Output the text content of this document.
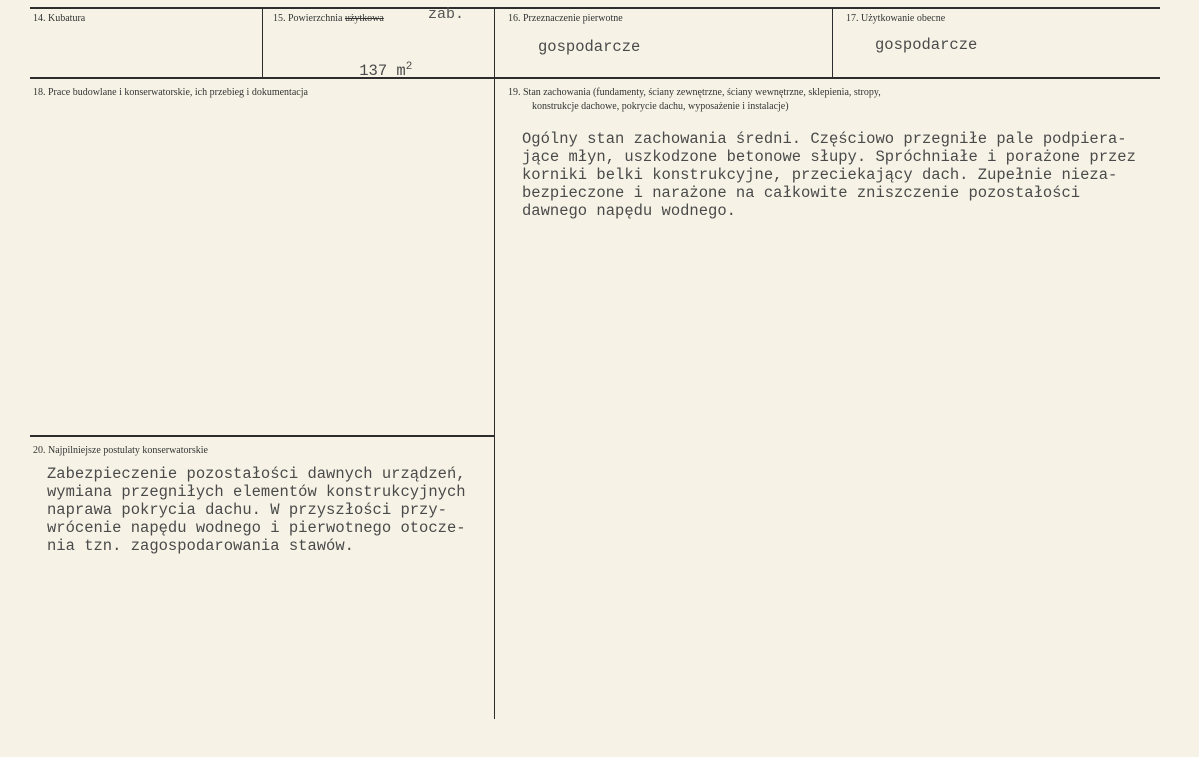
14. Kubatura	15. Powierzchnia użytkowa	zab.

137 $m^2$

16. Przeznaczenie pierwotne
gospodarcze
17. Użytkowanie obecne
gospodarcze
18. Prace budowlane i konserwatorskie, ich przebieg i dokumentacja	19. Stan zachowania (fundamenty, ściany zewnętrzne, ściany wewnętrzne, sklepienia, stropy,
konstrukcje dachowe, pokrycie dachu, wyposażenie i instalacje)
Ogólny stan zachowania średni. Częściowo przegniłe pale podpiera-
jące młyn, uszkodzone betonowe słupy. Spróchniałe i porażone przez
korniki belki konstrukcyjne, przeciekający dach. Zupełnie nieza-
bezpieczone i narażone na całkowite zniszczenie pozostałości
dawnego napędu wodnego.
20. Najpilniejsze postulaty konserwatorskie
Zabezpieczenie pozostałości dawnych urządzeń,
wymiana przegniłych elementów konstrukcyjnych
naprawa pokrycia dachu. W przyszłości przy-
wrócenie napędu wodnego i pierwotnego otocze-
nia tzn. zagospodarowania stawów.
